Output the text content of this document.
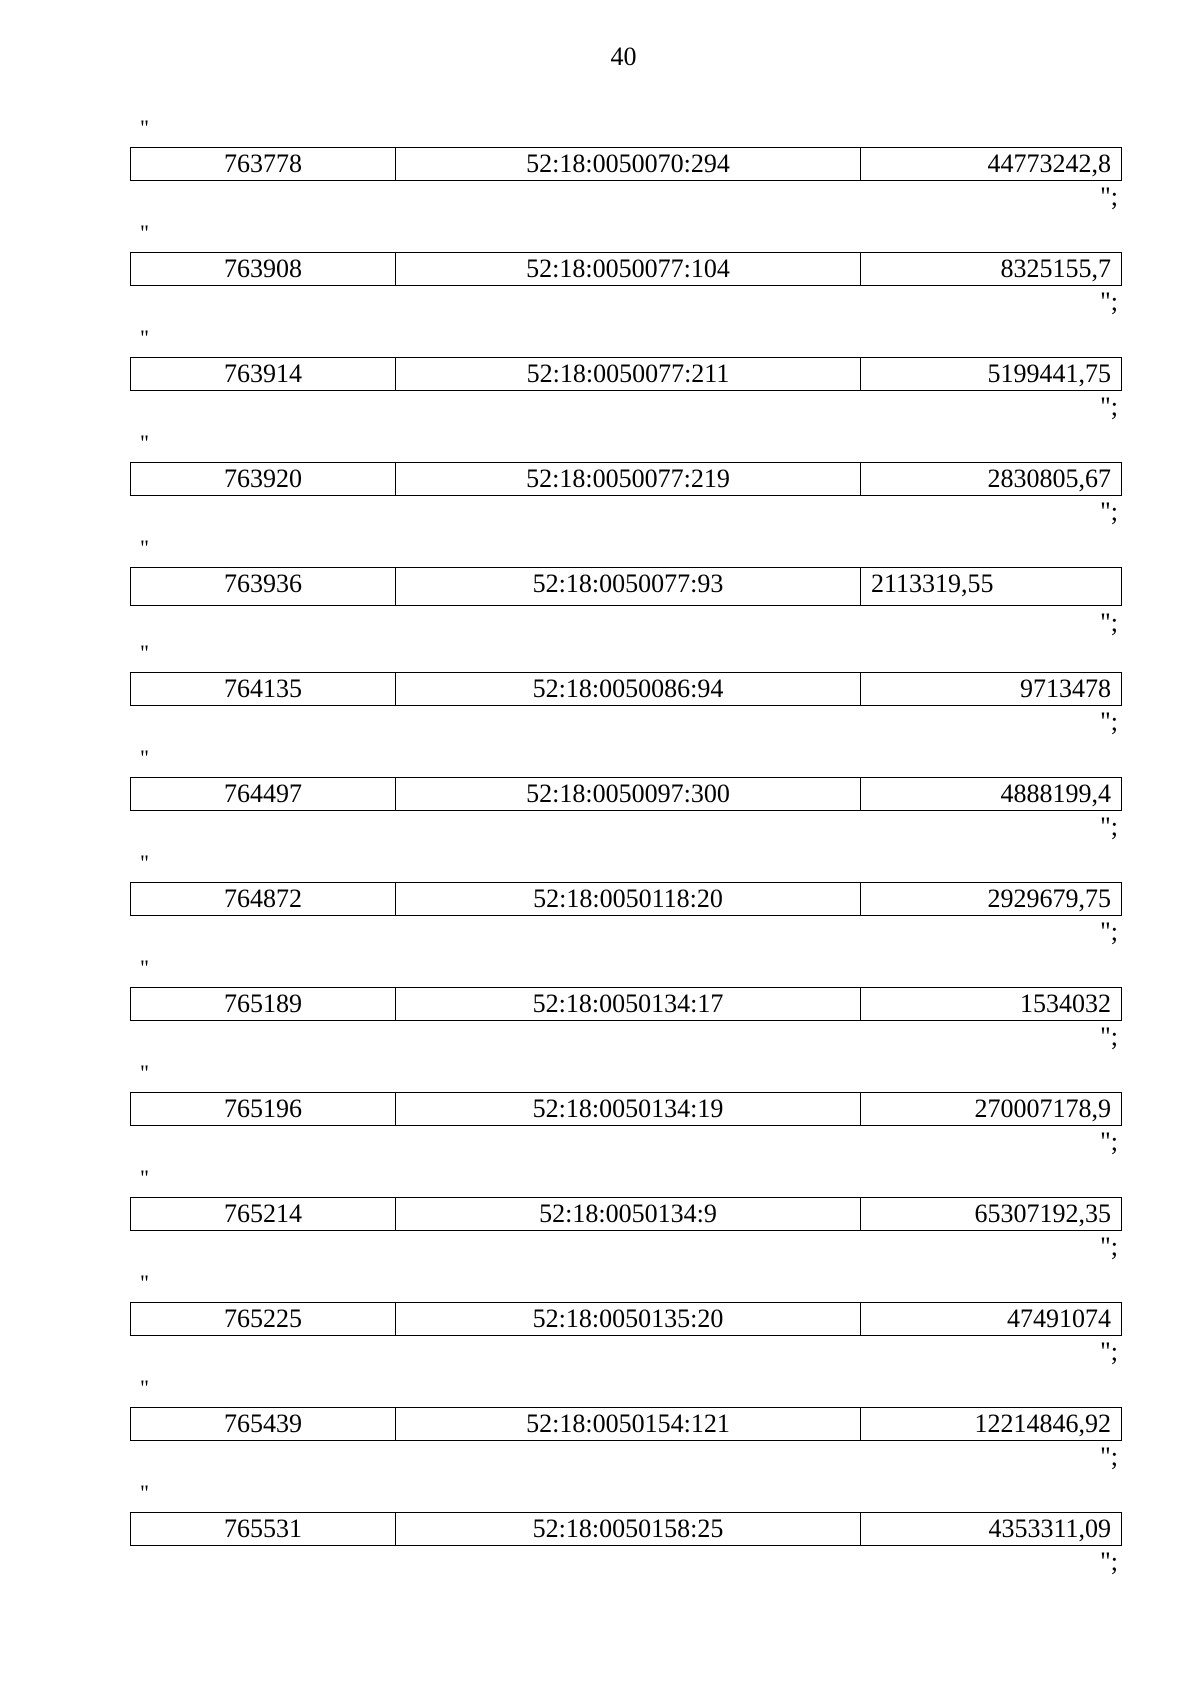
40
"
763778	52:18:0050070:294	44773242,8
";
"
763908	52:18:0050077:104	8325155,7
";
"
763914	52:18:0050077:211	5199441,75
";
"
763920	52:18:0050077:219	2830805,67
";
"
763936	52:18:0050077:93	2113319,55
";
"
764135	52:18:0050086:94	9713478
";
"
764497	52:18:0050097:300	4888199,4
";
"
764872	52:18:0050118:20	2929679,75
";
"
765189	52:18:0050134:17	1534032
";
"
765196	52:18:0050134:19	270007178,9
";
"
765214	52:18:0050134:9	65307192,35
";
"
765225	52:18:0050135:20	47491074
";
"
765439	52:18:0050154:121	12214846,92
";
"
765531	52:18:0050158:25	4353311,09
";
